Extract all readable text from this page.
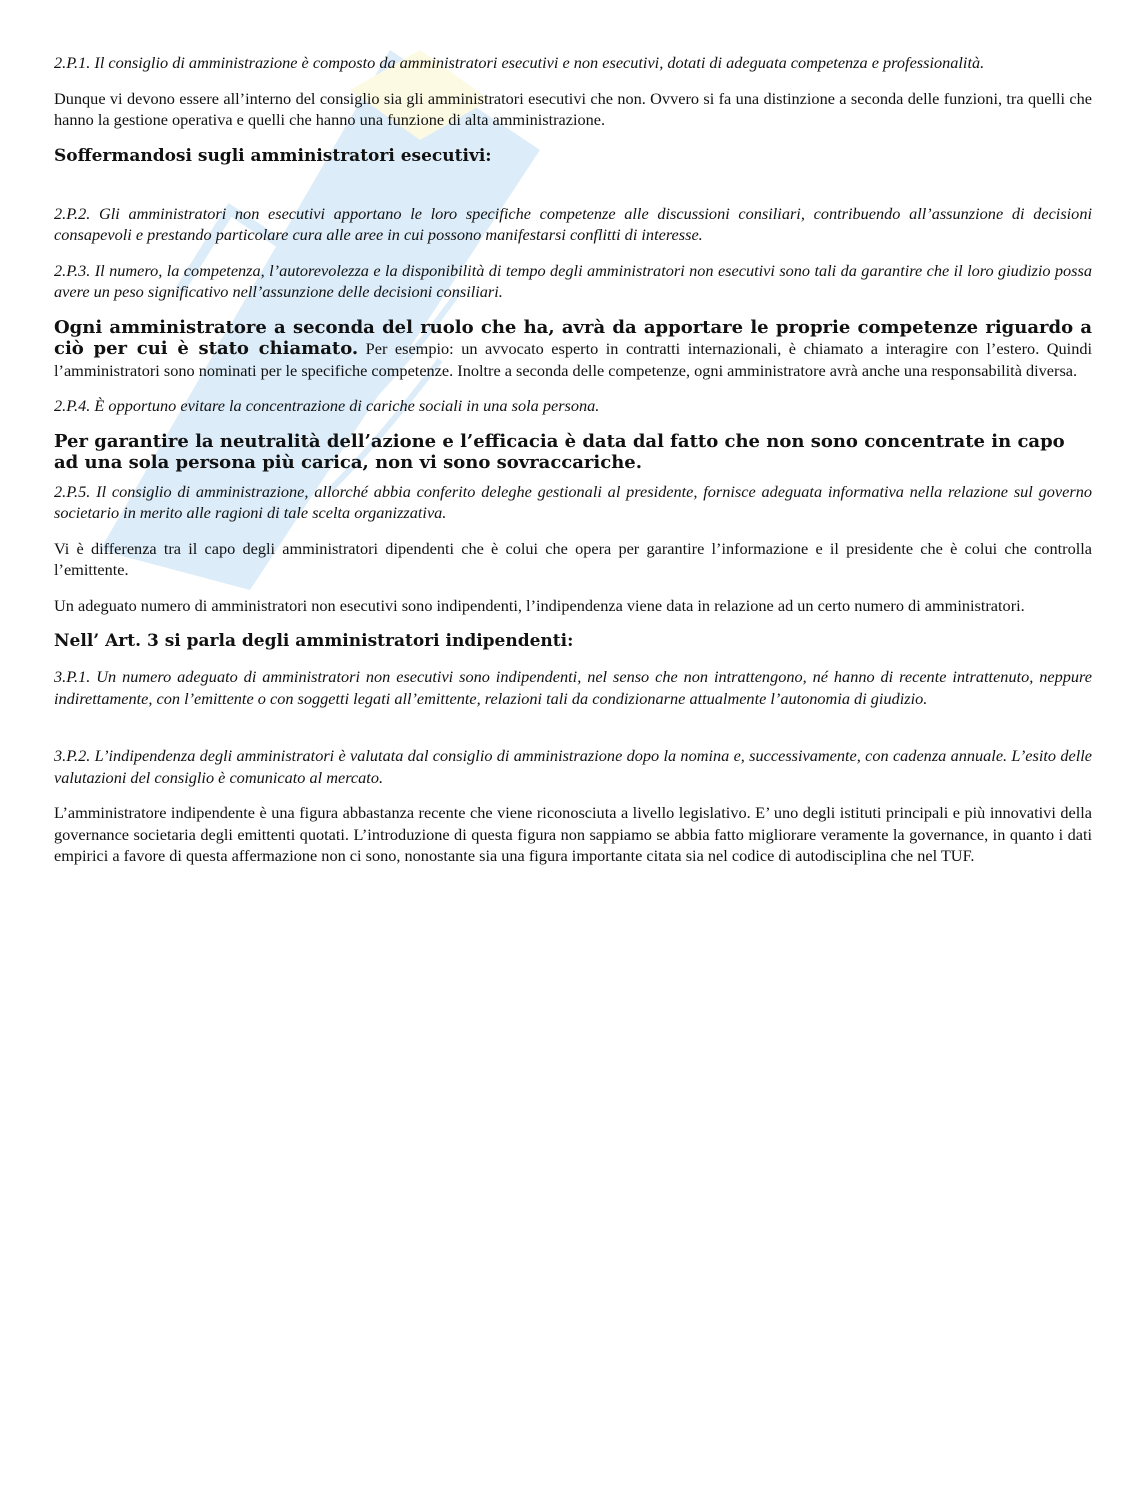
2.P.1. Il consiglio di amministrazione è composto da amministratori esecutivi e non esecutivi, dotati di adeguata competenza e professionalità.

Dunque vi devono essere all’interno del consiglio sia gli amministratori esecutivi che non. Ovvero si fa una distinzione a seconda delle funzioni, tra quelli che hanno la gestione operativa e quelli che hanno una funzione di alta amministrazione.

Soffermandosi sugli amministratori esecutivi:

2.P.2. Gli amministratori non esecutivi apportano le loro specifiche competenze alle discussioni consiliari, contribuendo all’assunzione di decisioni consapevoli e prestando particolare cura alle aree in cui possono manifestarsi conflitti di interesse.

2.P.3. Il numero, la competenza, l’autorevolezza e la disponibilità di tempo degli amministratori non esecutivi sono tali da garantire che il loro giudizio possa avere un peso significativo nell’assunzione delle decisioni consiliari.

Ogni amministratore a seconda del ruolo che ha, avrà da apportare le proprie competenze riguardo a ciò per cui è stato chiamato. Per esempio: un avvocato esperto in contratti internazionali, è chiamato a interagire con l’estero. Quindi l’amministratori sono nominati per le specifiche competenze. Inoltre a seconda delle competenze, ogni amministratore avrà anche una responsabilità diversa.

2.P.4. È opportuno evitare la concentrazione di cariche sociali in una sola persona.

Per garantire la neutralità dell’azione e l’efficacia è data dal fatto che non sono concentrate in capo ad una sola persona più carica, non vi sono sovraccariche.

2.P.5. Il consiglio di amministrazione, allorché abbia conferito deleghe gestionali al presidente, fornisce adeguata informativa nella relazione sul governo societario in merito alle ragioni di tale scelta organizzativa.

Vi è differenza tra il capo degli amministratori dipendenti che è colui che opera per garantire l’informazione e il presidente che è colui che controlla l’emittente.

Un adeguato numero di amministratori non esecutivi sono indipendenti, l’indipendenza viene data in relazione ad un certo numero di amministratori.

Nell’ Art. 3 si parla degli amministratori indipendenti:

3.P.1. Un numero adeguato di amministratori non esecutivi sono indipendenti, nel senso che non intrattengono, né hanno di recente intrattenuto, neppure indirettamente, con l’emittente o con soggetti legati all’emittente, relazioni tali da condizionarne attualmente l’autonomia di giudizio.

3.P.2. L’indipendenza degli amministratori è valutata dal consiglio di amministrazione dopo la nomina e, successivamente, con cadenza annuale. L’esito delle valutazioni del consiglio è comunicato al mercato.

L’amministratore indipendente è una figura abbastanza recente che viene riconosciuta a livello legislativo. E’ uno degli istituti principali e più innovativi della governance societaria degli emittenti quotati. L’introduzione di questa figura non sappiamo se abbia fatto migliorare veramente la governance, in quanto i dati empirici a favore di questa affermazione non ci sono, nonostante sia una figura importante citata sia nel codice di autodisciplina che nel TUF.
